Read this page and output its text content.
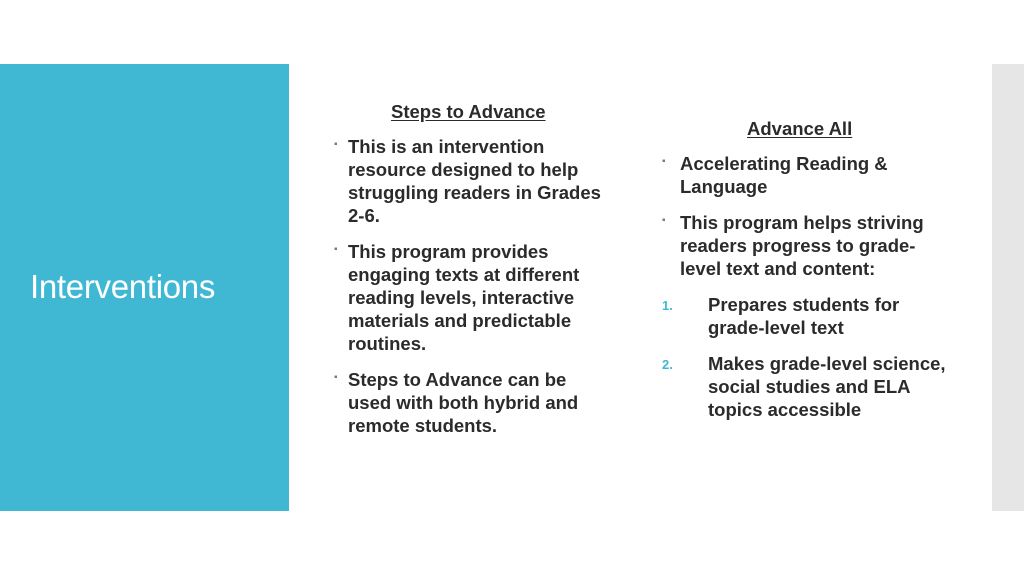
Interventions
Steps to Advance
▪ This is an intervention resource designed to help struggling readers in Grades 2-6.
▪ This program provides engaging texts at different reading levels, interactive materials and predictable routines.
▪ Steps to Advance can be used with both hybrid and remote students.
Advance All
▪ Accelerating Reading & Language
▪ This program helps striving readers progress to grade-level text and content:
1. Prepares students for grade-level text
2. Makes grade-level science, social studies and ELA topics accessible
